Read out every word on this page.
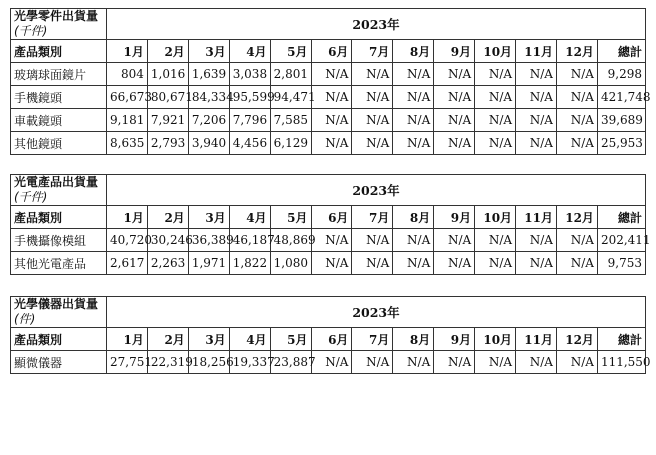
光學零件出貨量
(千件)	2023年												
產品類別	1月	2月	3月	4月	5月	6月	7月	8月	9月	10月	11月	12月	總計
玻璃球面鏡片	804	1,016	1,639	3,038	2,801	N/A	N/A	N/A	N/A	N/A	N/A	N/A	9,298
手機鏡頭	66,673	80,671	84,334	95,599	94,471	N/A	N/A	N/A	N/A	N/A	N/A	N/A	421,748
車載鏡頭	9,181	7,921	7,206	7,796	7,585	N/A	N/A	N/A	N/A	N/A	N/A	N/A	39,689
其他鏡頭	8,635	2,793	3,940	4,456	6,129	N/A	N/A	N/A	N/A	N/A	N/A	N/A	25,953
光電產品出貨量
(千件)	2023年												
產品類別	1月	2月	3月	4月	5月	6月	7月	8月	9月	10月	11月	12月	總計
手機攝像模組	40,720	30,246	36,389	46,187	48,869	N/A	N/A	N/A	N/A	N/A	N/A	N/A	202,411
其他光電產品	2,617	2,263	1,971	1,822	1,080	N/A	N/A	N/A	N/A	N/A	N/A	N/A	9,753
光學儀器出貨量
(件)	2023年												
產品類別	1月	2月	3月	4月	5月	6月	7月	8月	9月	10月	11月	12月	總計
顯微儀器	27,751	22,319	18,256	19,337	23,887	N/A	N/A	N/A	N/A	N/A	N/A	N/A	111,550
